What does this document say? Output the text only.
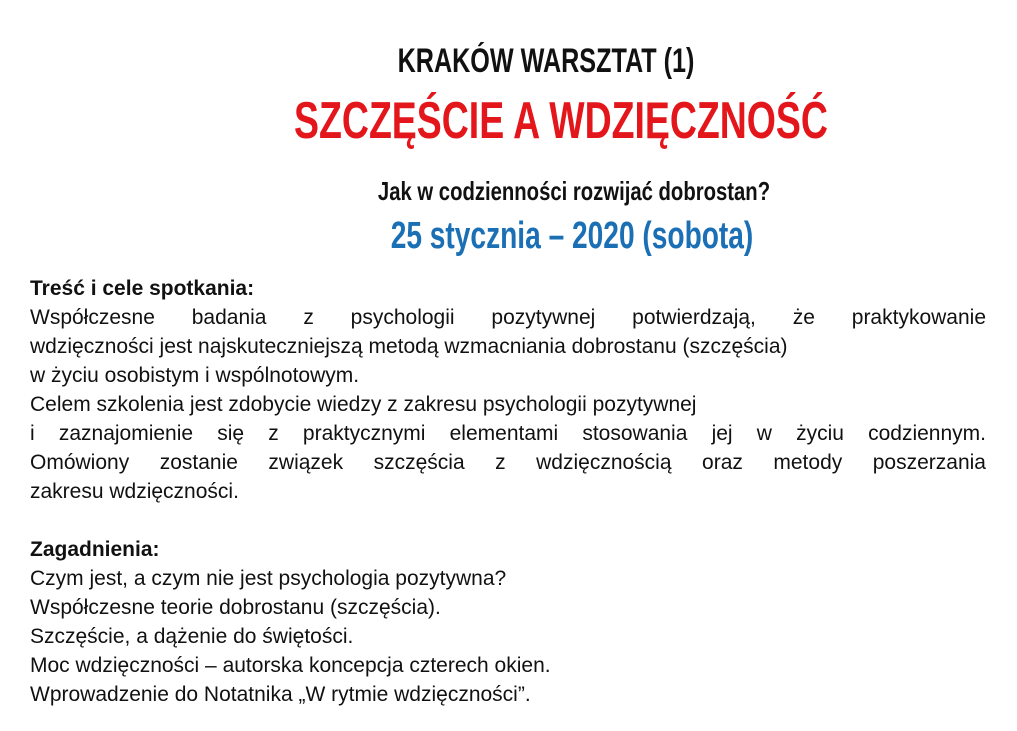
KRAKÓW WARSZTAT (1)
SZCZĘŚCIE A WDZIĘCZNOŚĆ
Jak w codzienności rozwijać dobrostan?
25 stycznia – 2020 (sobota)

Treść i cele spotkania:

Współczesne badania z psychologii pozytywnej potwierdzają, że praktykowanie
wdzięczności jest najskuteczniejszą metodą wzmacniania dobrostanu (szczęścia)
w życiu osobistym i wspólnotowym.
Celem szkolenia jest zdobycie wiedzy z zakresu psychologii pozytywnej
i zaznajomienie się z praktycznymi elementami stosowania jej w życiu codziennym.
Omówiony zostanie związek szczęścia z wdzięcznością oraz metody poszerzania
zakresu wdzięczności.

Zagadnienia:

Czym jest, a czym nie jest psychologia pozytywna?
Współczesne teorie dobrostanu (szczęścia).
Szczęście, a dążenie do świętości.
Moc wdzięczności – autorska koncepcja czterech okien.
Wprowadzenie do Notatnika „W rytmie wdzięczności”.
